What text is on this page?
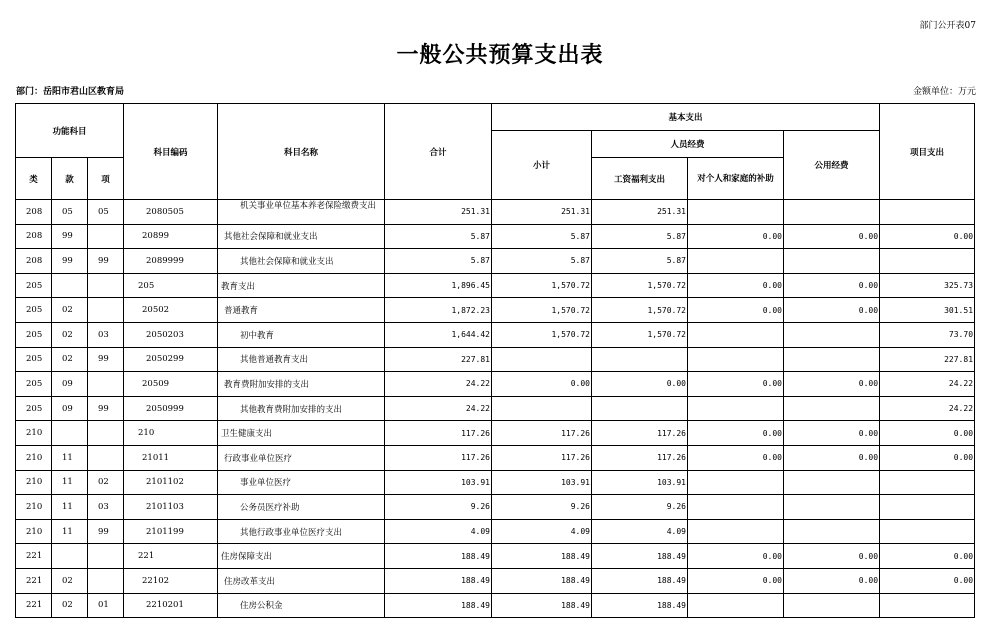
部门公开表07
一般公共预算支出表
部门：岳阳市君山区教育局	金额单位：万元
功能科目			科目编码	科目名称	合计	基本支出				项目支出
						小计	人员经费		公用经费	
类	款	项					工资福利支出	对个人和家庭的补助		
208	05	05	2080505	机关事业单位基本养老保险缴费支出	251.31	251.31	251.31			
208	99		20899	其他社会保障和就业支出	5.87	5.87	5.87	0.00	0.00	0.00
208	99	99	2089999	其他社会保障和就业支出	5.87	5.87	5.87			
205			205	教育支出	1,896.45	1,570.72	1,570.72	0.00	0.00	325.73
205	02		20502	普通教育	1,872.23	1,570.72	1,570.72	0.00	0.00	301.51
205	02	03	2050203	初中教育	1,644.42	1,570.72	1,570.72			73.70
205	02	99	2050299	其他普通教育支出	227.81					227.81
205	09		20509	教育费附加安排的支出	24.22	0.00	0.00	0.00	0.00	24.22
205	09	99	2050999	其他教育费附加安排的支出	24.22					24.22
210			210	卫生健康支出	117.26	117.26	117.26	0.00	0.00	0.00
210	11		21011	行政事业单位医疗	117.26	117.26	117.26	0.00	0.00	0.00
210	11	02	2101102	事业单位医疗	103.91	103.91	103.91			
210	11	03	2101103	公务员医疗补助	9.26	9.26	9.26			
210	11	99	2101199	其他行政事业单位医疗支出	4.09	4.09	4.09			
221			221	住房保障支出	188.49	188.49	188.49	0.00	0.00	0.00
221	02		22102	住房改革支出	188.49	188.49	188.49	0.00	0.00	0.00
221	02	01	2210201	住房公积金	188.49	188.49	188.49			
